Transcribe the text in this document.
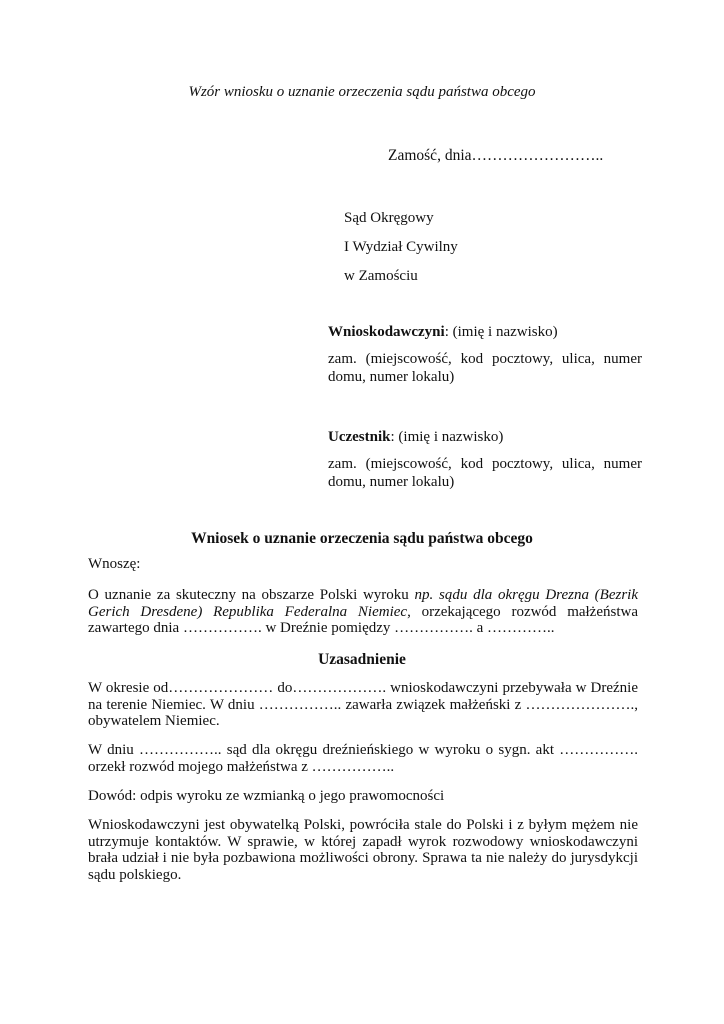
Wzór wniosku o uznanie orzeczenia sądu państwa obcego

Zamość, dnia……………………..

Sąd Okręgowy

I Wydział Cywilny

w Zamościu

Wnioskodawczyni: (imię i nazwisko)
zam. (miejscowość, kod pocztowy, ulica, numer domu, numer lokalu)
Uczestnik: (imię i nazwisko)
zam. (miejscowość, kod pocztowy, ulica, numer domu, numer lokalu)

Wniosek o uznanie orzeczenia sądu państwa obcego

Wnoszę:

O uznanie za skuteczny na obszarze Polski wyroku np. sądu dla okręgu Drezna (Bezrik Gerich Dresdene) Republika Federalna Niemiec, orzekającego rozwód małżeństwa zawartego dnia ……………. w Dreźnie pomiędzy ……………. a …………..

Uzasadnienie

W okresie od………………… do………………. wnioskodawczyni przebywała w Dreźnie na terenie Niemiec. W dniu …………….. zawarła związek małżeński z …………………., obywatelem Niemiec.

W dniu …………….. sąd dla okręgu dreźnieńskiego w wyroku o sygn. akt ……………. orzekł rozwód mojego małżeństwa z ……………..

Dowód: odpis wyroku ze wzmianką o jego prawomocności

Wnioskodawczyni jest obywatelką Polski, powróciła stale do Polski i z byłym mężem nie utrzymuje kontaktów. W sprawie, w której zapadł wyrok rozwodowy wnioskodawczyni brała udział i nie była pozbawiona możliwości obrony. Sprawa ta nie należy do jurysdykcji sądu polskiego.
